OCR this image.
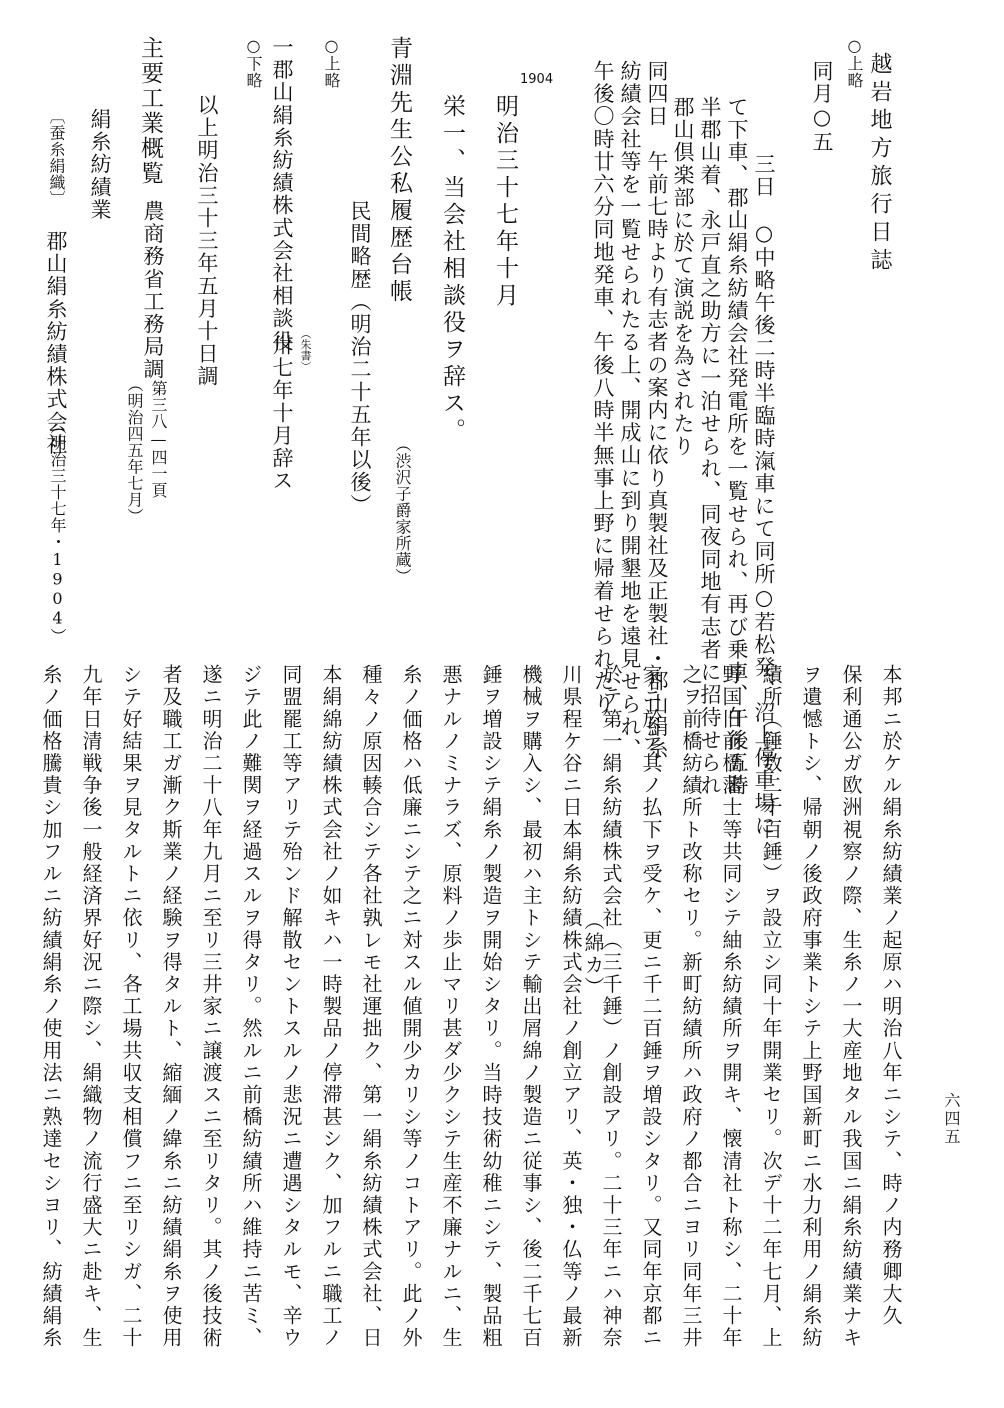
越岩地方旅行日誌
○上略
同月○五
三日　○中略午後二時半臨時滊車にて同所○若松発、沼上停車場に
て下車、郡山絹糸紡績会社発電所を一覧せられ、再び乗車、午後五時
半郡山着、永戸直之助方に一泊せられ、同夜同地有志者に招待せられ
郡山倶楽部に於て演説を為されたり
同四日　午前七時より有志者の案内に依り真製社及正製社・郡山絹糸
紡績会社等を一覧せられたる上、開成山に到り開墾地を遠見せられ、
午後〇時廿六分同地発車、午後八時半無事上野に帰着せられたり
1904
明治三十七年十月
栄一、当会社相談役ヲ辞ス。
青淵先生公私履歴台帳
（渋沢子爵家所蔵）
民間略歴（明治二十五年以後）
○上略
一郡山絹糸紡績株式会社相談役 （朱書）
卅七年十月辞ス
○下略
以上明治三十三年五月十日調
主要工業概覧
農商務省工務局調
第三八—四一頁
（明治四五年七月）
絹糸紡績業
〔蚕糸絹織〕
郡山絹糸紡績株式会社
（明治三十七年・1904）
本邦ニ於ケル絹糸紡績業ノ起原ハ明治八年ニシテ、時ノ内務卿大久
保利通公ガ欧洲視察ノ際、生糸ノ一大産地タル我国ニ絹糸紡績業ナキ
ヲ遺憾トシ、帰朝ノ後政府事業トシテ上野国新町ニ水力利用ノ絹糸紡
績所（錘数二千百錘）ヲ設立シ同十年開業セリ。次デ十二年七月、上
野国旧前橋藩士等共同シテ紬糸紡績所ヲ開キ、懐清社ト称シ、二十年
之ヲ前橋紡績所ト改称セリ。新町紡績所ハ政府ノ都合ニヨリ同年三井
家ニ於テ其ノ払下ヲ受ケ、更ニ千二百錘ヲ増設シタリ。又同年京都ニ
於テ第一絹糸紡績株式会社（三千錘）ノ創設アリ。二十三年ニハ神奈
（綿カ）
川県程ケ谷ニ日本絹糸紡績株式会社ノ創立アリ、英・独・仏等ノ最新
機械ヲ購入シ、最初ハ主トシテ輸出屑綿ノ製造ニ従事シ、後二千七百
錘ヲ増設シテ絹糸ノ製造ヲ開始シタリ。当時技術幼稚ニシテ、製品粗
悪ナルノミナラズ、原料ノ歩止マリ甚ダ少クシテ生産不廉ナルニ、生
糸ノ価格ハ低廉ニシテ之ニ対スル値開少カリシ等ノコトアリ。此ノ外
種々ノ原因輳合シテ各社孰レモ社運拙ク、第一絹糸紡績株式会社、日
本絹綿紡績株式会社ノ如キハ一時製品ノ停滞甚シク、加フルニ職工ノ
同盟罷工等アリテ殆ンド解散セントスルノ悲況ニ遭遇シタルモ、辛ウ
ジテ此ノ難関ヲ経過スルヲ得タリ。然ルニ前橋紡績所ハ維持ニ苦ミ、
遂ニ明治二十八年九月ニ至リ三井家ニ譲渡スニ至リタリ。其ノ後技術
者及職工ガ漸ク斯業ノ経験ヲ得タルト、縮緬ノ緯糸ニ紡績絹糸ヲ使用
シテ好結果ヲ見タルトニ依リ、各工場共収支相償フニ至リシガ、二十
九年日清戦争後一般経済界好況ニ際シ、絹織物ノ流行盛大ニ赴キ、生
糸ノ価格騰貴シ加フルニ紡績絹糸ノ使用法ニ熟達セシヨリ、紡績絹糸	六四五
